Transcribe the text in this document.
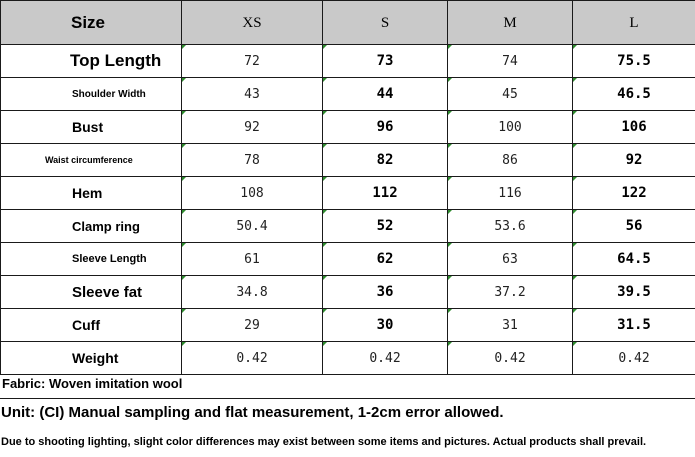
Size	XS	S	M	L

Top Length	72	73	74	75.5

Shoulder Width	43	44	45	46.5

Bust	92	96	100	106

Waist circumference	78	82	86	92

Hem	108	112	116	122

Clamp ring	50.4	52	53.6	56

Sleeve Length	61	62	63	64.5

Sleeve fat	34.8	36	37.2	39.5

Cuff	29	30	31	31.5

Weight	0.42	0.42	0.42	0.42
Fabric: Woven imitation wool
Unit: (CI) Manual sampling and flat measurement, 1-2cm error allowed.
Due to shooting lighting, slight color differences may exist between some items and pictures. Actual products shall prevail.
